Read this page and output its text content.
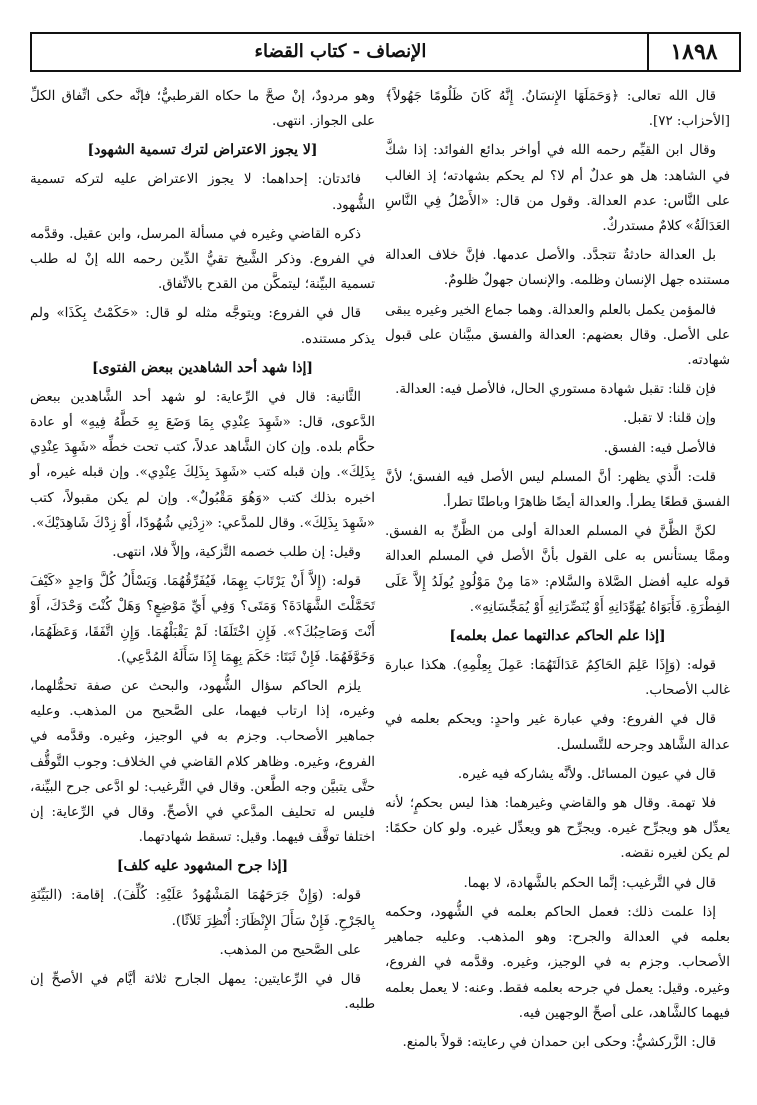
١٨٩٨
الإنصاف - كتاب القضاء

قال الله تعالى: ﴿وَحَمَلَهَا الإِنسَانُ. إِنَّهُ كَانَ ظَلُومًا جَهُولاً﴾ [الأحزاب: ٧٢].

وقال ابن القيِّم رحمه الله في أواخر بدائع الفوائد: إذا شكَّ في الشاهد: هل هو عدلٌ أم لا؟ لم يحكم بشهادته؛ إذ الغالب على النَّاس: عدم العدالة. وقول من قال: «الأَصْلُ فِي النَّاسِ العَدَالَةُ» كلامٌ مستدركٌ.

بل العدالة حادثةٌ تتجدَّد. والأصل عدمها. فإنَّ خلاف العدالة مستنده جهل الإنسان وظلمه. والإنسان جهولٌ ظلومٌ.

فالمؤمن يكمل بالعلم والعدالة. وهما جماع الخير وغيره يبقى على الأصل. وقال بعضهم: العدالة والفسق مبيَّنان على قبول شهادته.

فإن قلنا: تقبل شهادة مستوري الحال، فالأصل فيه: العدالة.

وإن قلنا: لا تقبل.

فالأصل فيه: الفسق.

قلت: الَّذي يظهر: أنَّ المسلم ليس الأصل فيه الفسق؛ لأنَّ الفسق قطعًا يطرأ. والعدالة أيضًا ظاهرًا وباطنًا تطرأ.

لكنَّ الظَّنَّ في المسلم العدالة أولى من الظَّنِّ به الفسق. وممَّا يستأنس به على القول بأنَّ الأصل في المسلم العدالة قوله عليه أفضل الصَّلاة والسَّلام: «مَا مِنْ مَوْلُودٍ يُولَدُ إِلاَّ عَلَى الفِطْرَةِ. فَأَبَوَاهُ يُهَوِّدَانِهِ أَوْ يُنَصِّرَانِهِ أَوْ يُمَجِّسَانِهِ».

[إذا علم الحاكم عدالتهما عمل بعلمه]

قوله: (وَإِذَا عَلِمَ الحَاكِمُ عَدَالَتَهُمَا: عَمِلَ بِعِلْمِهِ). هكذا عبارة غالب الأصحاب.

قال في الفروع: وفي عبارة غير واحدٍ: ويحكم بعلمه في عدالة الشَّاهد وجرحه للتَّسلسل.

قال في عيون المسائل. ولأنَّه يشاركه فيه غيره.

فلا تهمة. وقال هو والقاضي وغيرهما: هذا ليس بحكمٍ؛ لأنه يعدِّل هو ويجرِّح غيره. ويجرِّح هو ويعدِّل غيره. ولو كان حكمًا: لم يكن لغيره نقضه.

قال في التَّرغيب: إنَّما الحكم بالشَّهادة، لا بهما.

إذا علمت ذلك: فعمل الحاكم بعلمه في الشُّهود، وحكمه بعلمه في العدالة والجرح: وهو المذهب. وعليه جماهير الأصحاب. وجزم به في الوجيز، وغيره. وقدَّمه في الفروع، وغيره. وقيل: يعمل في جرحه بعلمه فقط. وعنه: لا يعمل بعلمه فيهما كالشَّاهد، على أصحِّ الوجهين فيه.

قال: الزَّركشيُّ: وحكى ابن حمدان في رعايته: قولاً بالمنع.

وهو مردودٌ، إنْ صحَّ ما حكاه القرطبيُّ؛ فإنَّه حكى اتِّفاق الكلِّ على الجواز. انتهى.

[لا يجوز الاعتراض لترك تسمية الشهود]

فائدتان: إحداهما: لا يجوز الاعتراض عليه لتركه تسمية الشُّهود.

ذكره القاضي وغيره في مسألة المرسل، وابن عقيل. وقدَّمه في الفروع. وذكر الشَّيخ تقيُّ الدِّين رحمه الله إنْ له طلب تسمية البيِّنة؛ ليتمكَّن من القدح بالاتِّفاق.

قال في الفروع: ويتوجَّه مثله لو قال: «حَكَمْتُ بِكَذَا» ولم يذكر مستنده.

[إذا شهد أحد الشاهدين ببعض الفتوى]

الثَّانية: قال في الرِّعاية: لو شهد أحد الشَّاهدين ببعض الدَّعوى، قال: «شَهِدَ عِنْدِي بِمَا وَضَعَ بِهِ خَطَّهُ فِيهِ» أو عادة حكَّام بلده. وإن كان الشَّاهد عدلاً، كتب تحت خطِّه «شَهِدَ عِنْدِي بِذَلِكَ». وإن قبله كتب «شَهِدَ بِذَلِكَ عِنْدِي». وإن قبله غيره، أو اخبره بذلك كتب «وَهُوَ مَقْبُولٌ». وإن لم يكن مقبولاً، كتب «شَهِدَ بِذَلِكَ». وقال للمدَّعي: «زِدْنِي شُهُودًا، أَوْ زِدْكَ شَاهِدَيْكَ».

وقيل: إن طلب خصمه التَّزكية، وإلاَّ فلا، انتهى.

قوله: (إِلاَّ أَنْ يَرْتَابَ بِهِمَا، فَيُفَرِّقُهُمَا. وَيَسْأَلُ كُلَّ وَاحِدٍ «كَيْفَ تَحَمَّلْتَ الشَّهَادَةَ؟ وَمَتَى؟ وَفِي أَيِّ مَوْضِعٍ؟ وَهَلْ كُنْتَ وَحْدَكَ، أَوْ أَنْتَ وَصَاحِبُكَ؟». فَإِنِ اخْتَلَفَا: لَمْ يَقْبَلْهُمَا. وَإِنِ اتَّفَقَا، وَعَظَهُمَا، وَخَوَّفَهُمَا. فَإِنْ ثَبَتَا: حَكَمَ بِهِمَا إِذَا سَأَلَهُ المُدَّعِي).

يلزم الحاكم سؤال الشُّهود، والبحث عن صفة تحمُّلهما، وغيره، إذا ارتاب فيهما، على الصَّحيح من المذهب. وعليه جماهير الأصحاب. وجزم به في الوجيز، وغيره. وقدَّمه في الفروع، وغيره. وظاهر كلام القاضي في الخلاف: وجوب التَّوقُّف حتَّى يتبيَّن وجه الطَّعن. وقال في التَّرغيب: لو ادَّعى جرح البيِّنة، فليس له تحليف المدَّعي في الأصحِّ. وقال في الرِّعاية: إن اختلفا توقَّف فيهما. وقيل: تسقط شهادتهما.

[إذا جرح المشهود عليه كلف]

قوله: (وَإِنْ جَرَحَهُمَا المَشْهُودُ عَلَيْهِ: كُلِّفَ). إقامة: (البَيِّنَةِ بِالجَرْحِ. فَإِنْ سَأَلَ الإِنْظَارَ: أُنْظِرَ ثَلاَثًا).

على الصَّحيح من المذهب.

قال في الرِّعايتين: يمهل الجارح ثلاثة أيَّام في الأصحِّ إن طلبه.
